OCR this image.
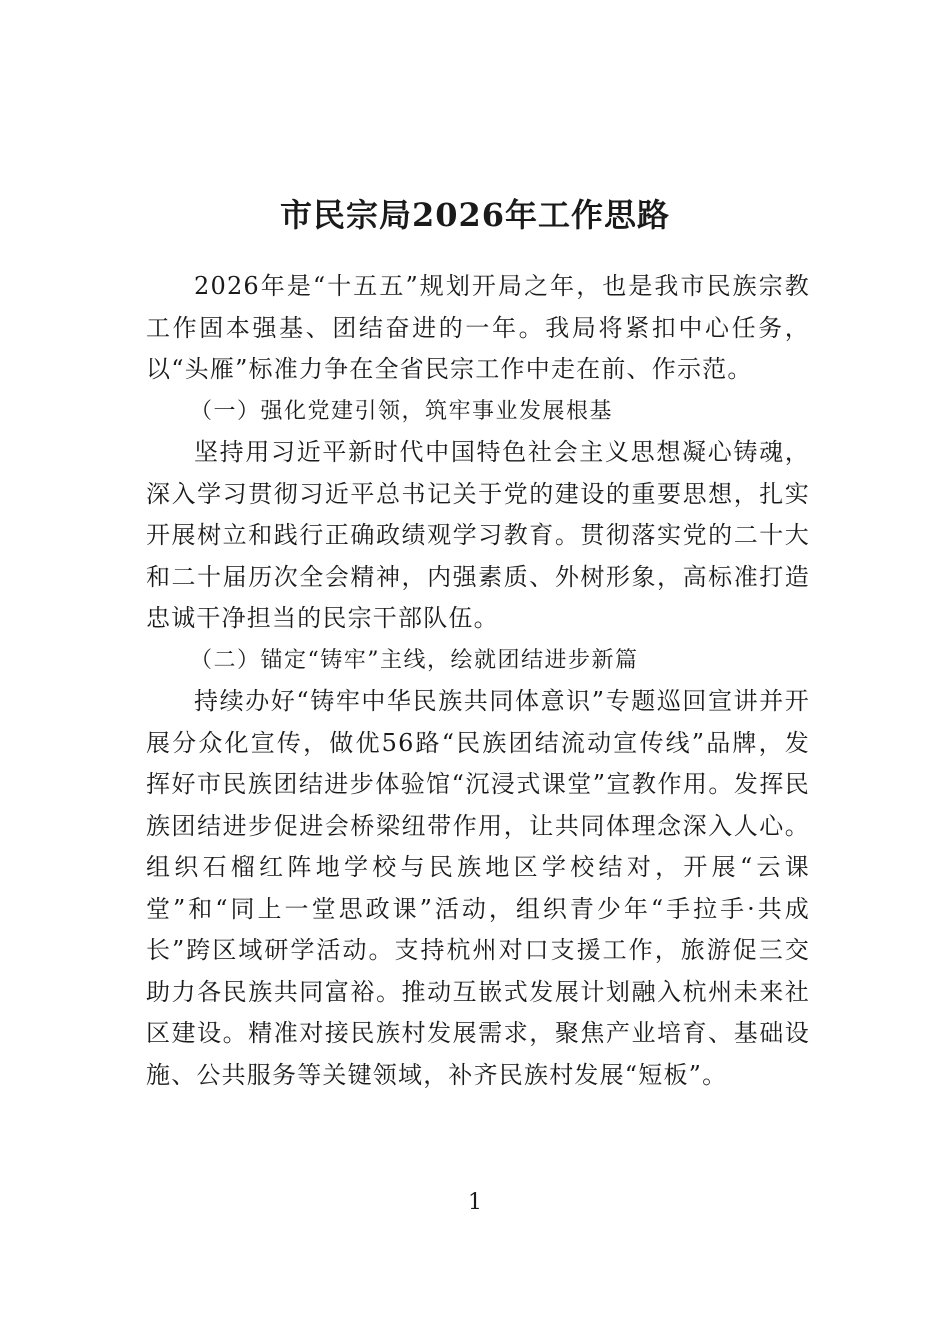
市民宗局2026年工作思路

2026年是“十五五”规划开局之年，也是我市民族宗教工作固本强基、团结奋进的一年。我局将紧扣中心任务，以“头雁”标准力争在全省民宗工作中走在前、作示范。

（一）强化党建引领，筑牢事业发展根基

坚持用习近平新时代中国特色社会主义思想凝心铸魂，深入学习贯彻习近平总书记关于党的建设的重要思想，扎实开展树立和践行正确政绩观学习教育。贯彻落实党的二十大和二十届历次全会精神，内强素质、外树形象，高标准打造忠诚干净担当的民宗干部队伍。

（二）锚定“铸牢”主线，绘就团结进步新篇

持续办好“铸牢中华民族共同体意识”专题巡回宣讲并开展分众化宣传，做优56路“民族团结流动宣传线”品牌，发挥好市民族团结进步体验馆“沉浸式课堂”宣教作用。发挥民族团结进步促进会桥梁纽带作用，让共同体理念深入人心。组织石榴红阵地学校与民族地区学校结对，开展“云课堂”和“同上一堂思政课”活动，组织青少年“手拉手·共成长”跨区域研学活动。支持杭州对口支援工作，旅游促三交助力各民族共同富裕。推动互嵌式发展计划融入杭州未来社区建设。精准对接民族村发展需求，聚焦产业培育、基础设施、公共服务等关键领域，补齐民族村发展“短板”。

1
